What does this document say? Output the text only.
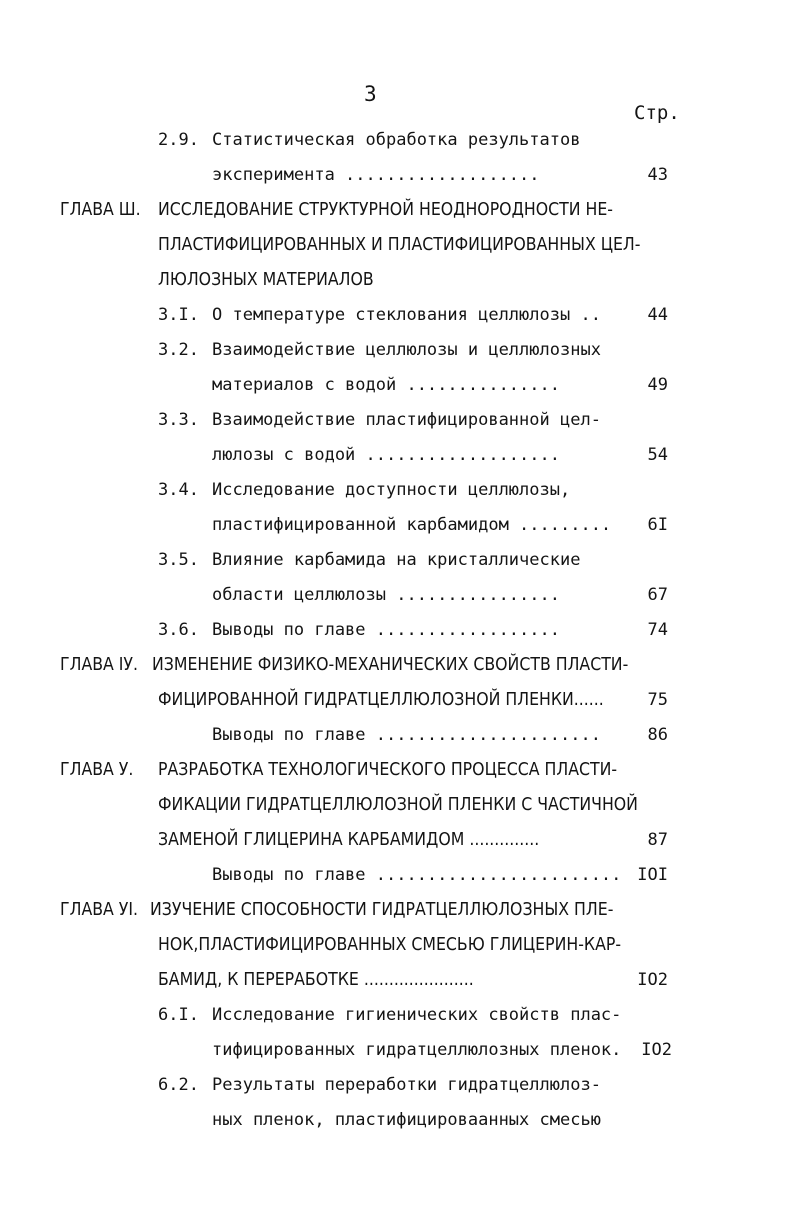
3
Стр.
2.9. Статистическая обработка результатов
эксперимента ...................	43
ГЛАВА Ш. ИССЛЕДОВАНИЕ СТРУКТУРНОЙ НЕОДНОРОДНОСТИ НЕ-
ПЛАСТИФИЦИРОВАННЫХ И ПЛАСТИФИЦИРОВАННЫХ ЦЕЛ-
ЛЮЛОЗНЫХ МАТЕРИАЛОВ
3.I. О температуре стеклования целлюлозы ..	44
3.2. Взаимодействие целлюлозы и целлюлозных
материалов с водой ...............	49
3.3. Взаимодействие пластифицированной цел-
люлозы с водой ...................	54
3.4. Исследование доступности целлюлозы,
пластифицированной карбамидом .........	6I
3.5. Влияние карбамида на кристаллические
области целлюлозы ................	67
3.6. Выводы по главе ..................	74
ГЛАВА IУ. ИЗМЕНЕНИЕ ФИЗИКО-МЕХАНИЧЕСКИХ СВОЙСТВ ПЛАСТИ-
ФИЦИРОВАННОЙ ГИДРАТЦЕЛЛЮЛОЗНОЙ ПЛЕНКИ......	75
Выводы по главе ......................	86
ГЛАВА У. РАЗРАБОТКА ТЕХНОЛОГИЧЕСКОГО ПРОЦЕССА ПЛАСТИ-
ФИКАЦИИ ГИДРАТЦЕЛЛЮЛОЗНОЙ ПЛЕНКИ С ЧАСТИЧНОЙ
ЗАМЕНОЙ ГЛИЦЕРИНА КАРБАМИДОМ ..............	87
Выводы по главе ........................ IOI
ГЛАВА УI. ИЗУЧЕНИЕ СПОСОБНОСТИ ГИДРАТЦЕЛЛЮЛОЗНЫХ ПЛЕ-
НОК,ПЛАСТИФИЦИРОВАННЫХ СМЕСЬЮ ГЛИЦЕРИН-КАР-
БАМИД, К ПЕРЕРАБОТКЕ ......................	IO2
6.I. Исследование гигиенических свойств плас-
тифицированных гидратцеллюлозных пленок.	IO2
6.2. Результаты переработки гидратцеллюлоз-
ных пленок, пластифицироваанных смесью
